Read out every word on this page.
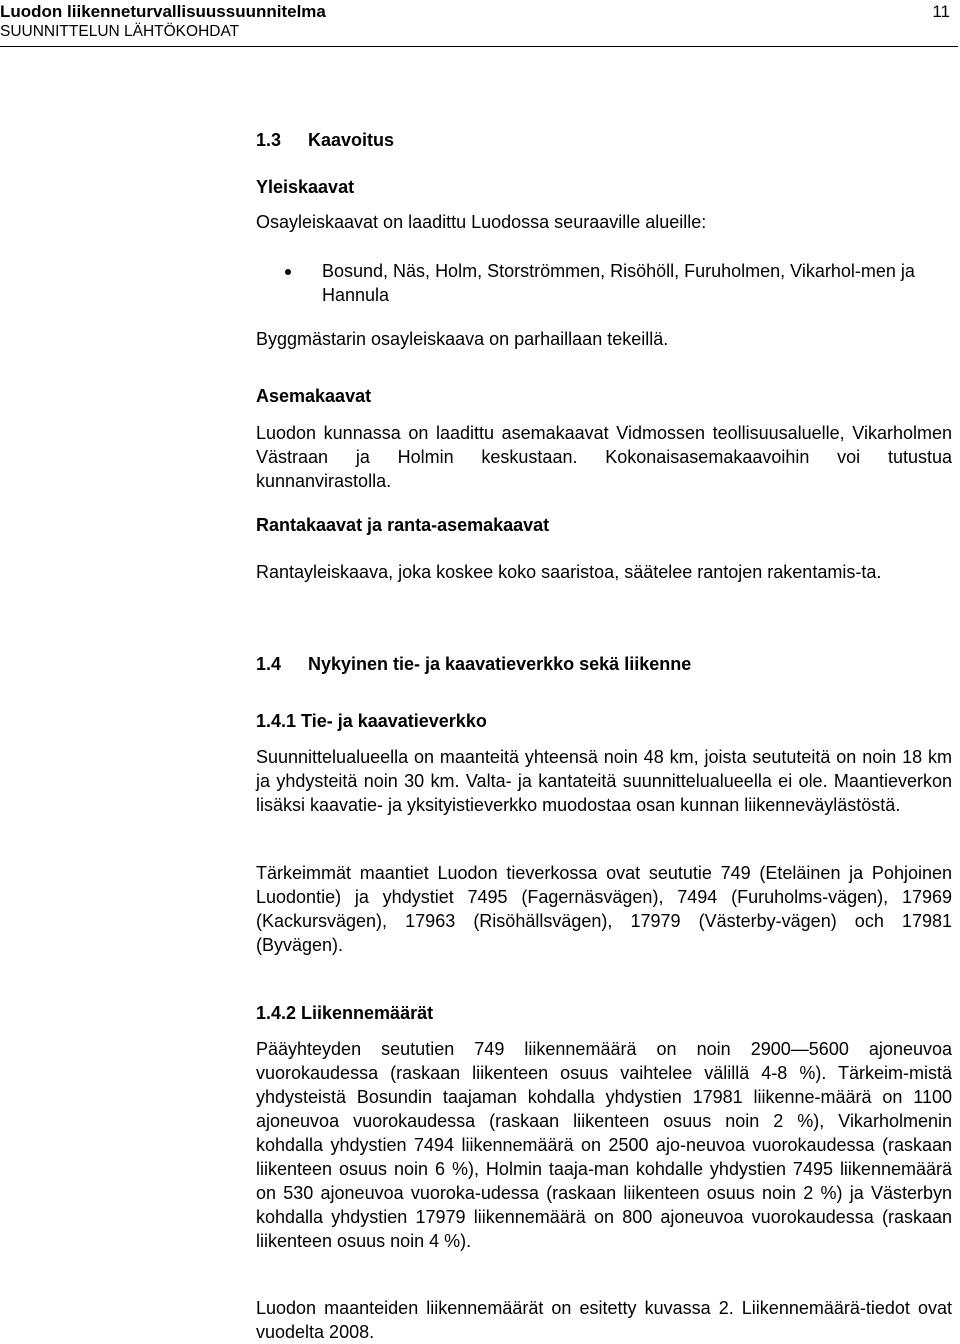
Luodon liikenneturvallisuussuunnitelma
SUUNNITTELUN LÄHTÖKOHDAT
11
1.3 Kaavoitus
Yleiskaavat

Osayleiskaavat on laadittu Luodossa seuraaville alueille:

Bosund, Näs, Holm, Storströmmen, Risöhöll, Furuholmen, Vikarhol-men ja Hannula

Byggmästarin osayleiskaava on parhaillaan tekeillä.

Asemakaavat

Luodon kunnassa on laadittu asemakaavat Vidmossen teollisuusaluelle, Vikarholmen Västraan ja Holmin keskustaan. Kokonaisasemakaavoihin voi tutustua kunnanvirastolla.

Rantakaavat ja ranta-asemakaavat

Rantayleiskaava, joka koskee koko saaristoa, säätelee rantojen rakentamis-ta.

1.4 Nykyinen tie- ja kaavatieverkko sekä liikenne
1.4.1 Tie- ja kaavatieverkko

Suunnittelualueella on maanteitä yhteensä noin 48 km, joista seututeitä on noin 18 km ja yhdysteitä noin 30 km. Valta- ja kantateitä suunnittelualueella ei ole. Maantieverkon lisäksi kaavatie- ja yksityistieverkko muodostaa osan kunnan liikenneväylästöstä.

Tärkeimmät maantiet Luodon tieverkossa ovat seututie 749 (Eteläinen ja Pohjoinen Luodontie) ja yhdystiet 7495 (Fagernäsvägen), 7494 (Furuholms-vägen), 17969 (Kackursvägen), 17963 (Risöhällsvägen), 17979 (Västerby-vägen) och 17981 (Byvägen).

1.4.2 Liikennemäärät

Pääyhteyden seututien 749 liikennemäärä on noin 2900—5600 ajoneuvoa vuorokaudessa (raskaan liikenteen osuus vaihtelee välillä 4-8 %). Tärkeim-mistä yhdysteistä Bosundin taajaman kohdalla yhdystien 17981 liikenne-määrä on 1100 ajoneuvoa vuorokaudessa (raskaan liikenteen osuus noin 2 %), Vikarholmenin kohdalla yhdystien 7494 liikennemäärä on 2500 ajo-neuvoa vuorokaudessa (raskaan liikenteen osuus noin 6 %), Holmin taaja-man kohdalle yhdystien 7495 liikennemäärä on 530 ajoneuvoa vuoroka-udessa (raskaan liikenteen osuus noin 2 %) ja Västerbyn kohdalla yhdystien 17979 liikennemäärä on 800 ajoneuvoa vuorokaudessa (raskaan liikenteen osuus noin 4 %).

Luodon maanteiden liikennemäärät on esitetty kuvassa 2. Liikennemäärä-tiedot ovat vuodelta 2008.
